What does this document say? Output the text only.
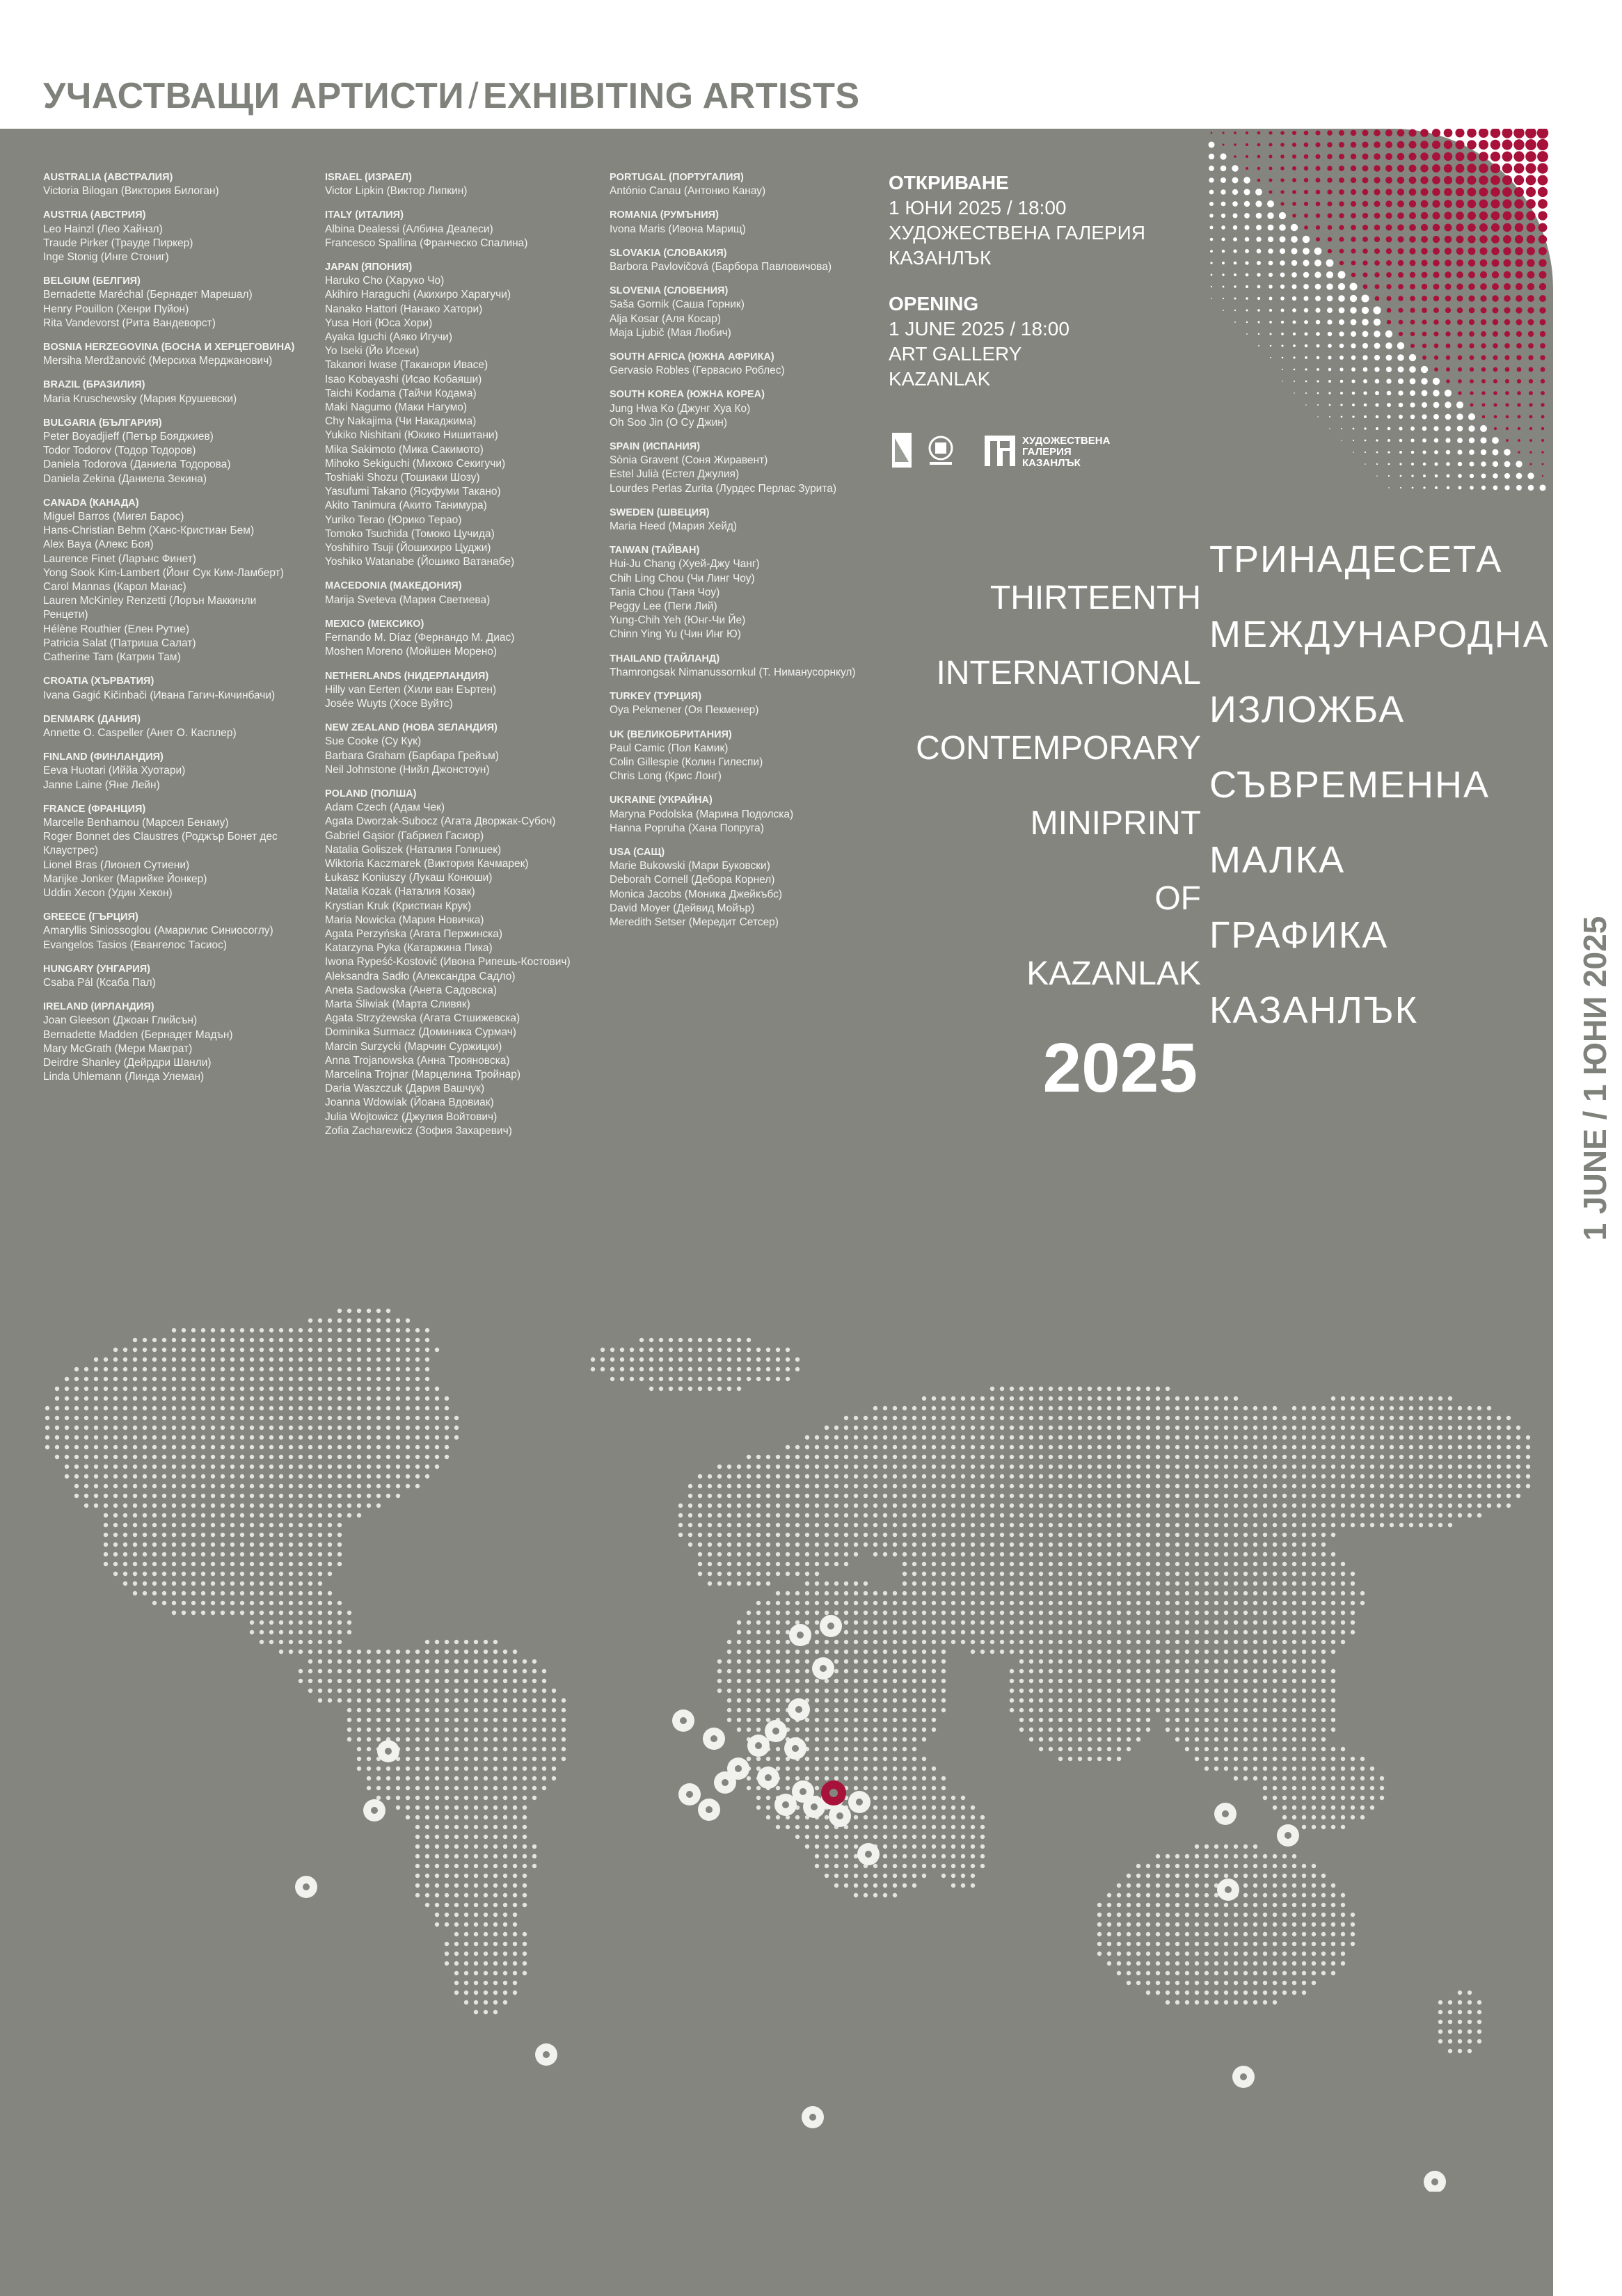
УЧАСТВАЩИ АРТИСТИ / EXHIBITING ARTISTS
AUSTRALIA (АВСТРАЛИЯ)
Victoria Bilogan (Виктория Билоган)
AUSTRIA (АВСТРИЯ)
Leo Hainzl (Лео Хайнзл)
Traude Pirker (Трауде Пиркер)
Inge Stonig (Инге Стониг)
BELGIUM (БЕЛГИЯ)
Bernadette Maréchal (Бернадет Марешал)
Henry Pouillon (Хенри Пуйон)
Rita Vandevorst (Рита Вандеворст)
BOSNIA HERZEGOVINA (БОСНА И ХЕРЦЕГОВИНА)
Mersiha Merdžanović (Мерсиха Мерджанович)
BRAZIL (БРАЗИЛИЯ)
Maria Kruschewsky (Мария Крушевски)
BULGARIA (БЪЛГАРИЯ)
Peter Boyadjieff (Петър Бояджиев)
Todor Todorov (Тодор Тодоров)
Daniela Todorova (Даниела Тодорова)
Daniela Zekina (Даниела Зекина)
CANADA (КАНАДА)
Miguel Barros (Мигел Барос)
Hans-Christian Behm (Ханс-Кристиан Бем)
Alex Baya (Алекс Боя)
Laurence Finet (Ларънс Финет)
Yong Sook Kim-Lambert (Йонг Сук Ким-Ламберт)
Carol Mannas (Карол Манас)
Lauren McKinley Renzetti (Лорън Маккинли
Ренцети)
Hélène Routhier (Елен Рутие)
Patricia Salat (Патриша Салат)
Catherine Tam (Катрин Там)
CROATIA (ХЪРВАТИЯ)
Ivana Gagić Kičinbači (Ивана Гагич-Кичинбачи)
DENMARK (ДАНИЯ)
Annette O. Caspeller (Анет О. Касплер)
FINLAND (ФИНЛАНДИЯ)
Eeva Huotari (Иййа Хуотари)
Janne Laine (Яне Лейн)
FRANCE (ФРАНЦИЯ)
Marcelle Benhamou (Марсел Бенаму)
Roger Bonnet des Claustres (Роджър Бонет дес
Клаустрес)
Lionel Bras (Лионел Сутиени)
Marijke Jonker (Марийке Йонкер)
Uddin Xecon (Удин Хекон)
GREECE (ГЪРЦИЯ)
Amaryllis Siniossoglou (Амарилис Синиосоглу)
Evangelos Tasios (Евангелос Тасиос)
HUNGARY (УНГАРИЯ)
Csaba Pál (Ксаба Пал)
IRELAND (ИРЛАНДИЯ)
Joan Gleeson (Джоан Глийсън)
Bernadette Madden (Бернадет Мадън)
Mary McGrath (Мери Макграт)
Deirdre Shanley (Дейрдри Шанли)
Linda Uhlemann (Линда Улеман)
ISRAEL (ИЗРАЕЛ)
Victor Lipkin (Виктор Липкин)
ITALY (ИТАЛИЯ)
Albina Dealessi (Албина Деалеси)
Francesco Spallina (Франческо Спалина)
JAPAN (ЯПОНИЯ)
Haruko Cho (Харуко Чо)
Akihiro Haraguchi (Акихиро Харагучи)
Nanako Hattori (Нанако Хатори)
Yusa Hori (Юса Хори)
Ayaka Iguchi (Аяко Игучи)
Yo Iseki (Йо Исеки)
Takanori Iwase (Таканори Ивасе)
Isao Kobayashi (Исао Кобаяши)
Taichi Kodama (Тайчи Кодама)
Maki Nagumo (Маки Нагумо)
Chy Nakajima (Чи Накаджима)
Yukiko Nishitani (Юкико Нишитани)
Mika Sakimoto (Мика Сакимото)
Mihoko Sekiguchi (Михоко Секигучи)
Toshiaki Shozu (Тошиаки Шозу)
Yasufumi Takano (Ясуфуми Такано)
Akito Tanimura (Акито Танимура)
Yuriko Terao (Юрико Терао)
Tomoko Tsuchida (Томоко Цучида)
Yoshihiro Tsuji (Йошихиро Цуджи)
Yoshiko Watanabe (Йошико Ватанабе)
MACEDONIA (МАКЕДОНИЯ)
Marija Sveteva (Мария Светиева)
MEXICO (МЕКСИКО)
Fernando M. Díaz (Фернандо М. Диас)
Moshen Moreno (Мойшен Морено)
NETHERLANDS (НИДЕРЛАНДИЯ)
Hilly van Eerten (Хили ван Еъртен)
Josée Wuyts (Хосе Вуйтс)
NEW ZEALAND (НОВА ЗЕЛАНДИЯ)
Sue Cooke (Су Кук)
Barbara Graham (Барбара Грейъм)
Neil Johnstone (Нийл Джонстоун)
POLAND (ПОЛША)
Adam Czech (Адам Чек)
Agata Dworzak-Subocz (Агата Дворжак-Субоч)
Gabriel Gąsior (Габриел Гасиор)
Natalia Goliszek (Наталия Голишек)
Wiktoria Kaczmarek (Виктория Качмарек)
Łukasz Koniuszy (Лукаш Конюши)
Natalia Kozak (Наталия Козак)
Krystian Kruk (Кристиан Крук)
Maria Nowicka (Мария Новичка)
Agata Perzyńska (Агата Пержинска)
Katarzyna Pyka (Катаржина Пика)
Iwona Rypeść-Kostović (Ивона Рипешь-Костович)
Aleksandra Sadło (Александра Садло)
Aneta Sadowska (Анета Садовска)
Marta Śliwiak (Марта Сливяк)
Agata Strzyżewska (Агата Стшижевска)
Dominika Surmacz (Доминика Сурмач)
Marcin Surzycki (Марчин Суржицки)
Anna Trojanowska (Анна Трояновска)
Marcelina Trojnar (Марцелина Тройнар)
Daria Waszczuk (Дария Вашчук)
Joanna Wdowiak (Йоана Вдовиак)
Julia Wojtowicz (Джулия Войтович)
Zofia Zacharewicz (Зофия Захаревич)
PORTUGAL (ПОРТУГАЛИЯ)
António Canau (Антонио Канау)
ROMANIA (РУМЪНИЯ)
Ivona Maris (Ивона Марищ)
SLOVAKIA (СЛОВАКИЯ)
Barbora Pavlovičová (Барбора Павловичова)
SLOVENIA (СЛОВЕНИЯ)
Saša Gornik (Саша Горник)
Alja Kosar (Аля Косар)
Maja Ljubič (Мая Любич)
SOUTH AFRICA (ЮЖНА АФРИКА)
Gervasio Robles (Гервасио Роблес)
SOUTH KOREA (ЮЖНА КОРЕА)
Jung Hwa Ko (Джунг Хуа Ко)
Oh Soo Jin (О Су Джин)
SPAIN (ИСПАНИЯ)
Sònia Gravent (Соня Жиравент)
Estel Julià (Естел Джулия)
Lourdes Perlas Zurita (Лурдес Перлас Зурита)
SWEDEN (ШВЕЦИЯ)
Maria Heed (Мария Хейд)
TAIWAN (ТАЙВАН)
Hui-Ju Chang (Хуей-Джу Чанг)
Chih Ling Chou (Чи Линг Чоу)
Tania Chou (Таня Чоу)
Peggy Lee (Пеги Лий)
Yung-Chih Yeh (Юнг-Чи Йе)
Chinn Ying Yu (Чин Инг Ю)
THAILAND (ТАЙЛАНД)
Thamrongsak Nimanussornkul (Т. Ниманусорнкул)
TURKEY (ТУРЦИЯ)
Oya Pekmener (Оя Пекменер)
UK (ВЕЛИКОБРИТАНИЯ)
Paul Camic (Пол Камик)
Colin Gillespie (Колин Гилеспи)
Chris Long (Крис Лонг)
UKRAINE (УКРАЙНА)
Maryna Podolska (Марина Подолска)
Hanna Popruha (Хана Попруга)
USA (САЩ)
Marie Bukowski (Мари Буковски)
Deborah Cornell (Дебора Корнел)
Monica Jacobs (Моника Джейкъбс)
David Moyer (Дейвид Мойър)
Meredith Setser (Мередит Сетсер)
ОТКРИВАНЕ
1 ЮНИ 2025 / 18:00
ХУДОЖЕСТВЕНА ГАЛЕРИЯ
КАЗАНЛЪК
OPENING
1 JUNE 2025 / 18:00
ART GALLERY
KAZANLAK
ХУДОЖЕСТВЕНА
ГАЛЕРИЯ
КАЗАНЛЪК
THIRTEENTH
INTERNATIONAL
CONTEMPORARY
MINIPRINT
OF
KAZANLAK
ТРИНАДЕСЕТА
МЕЖДУНАРОДНА
ИЗЛОЖБА
СЪВРЕМЕННА
МАЛКА
ГРАФИКА
КАЗАНЛЪК
2025	1 JUNE / 1 ЮНИ 2025
